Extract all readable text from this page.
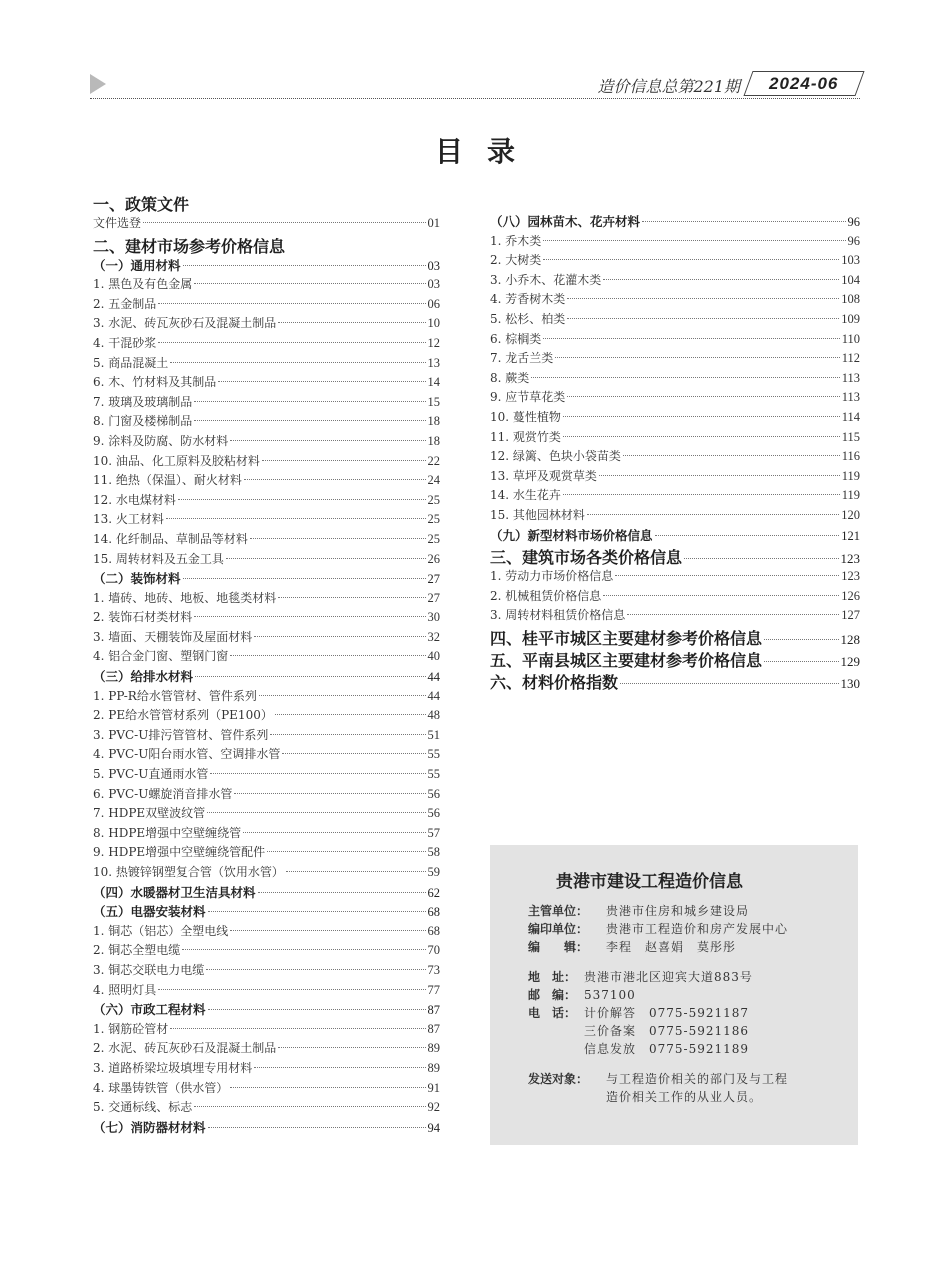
造价信息总第221期	2024-06
目录
一、政策文件
文件选登	01
二、建材市场参考价格信息
（一）通用材料	03
1. 黑色及有色金属	03
2. 五金制品	06
3. 水泥、砖瓦灰砂石及混凝土制品	10
4. 干混砂浆	12
5. 商品混凝土	13
6. 木、竹材料及其制品	14
7. 玻璃及玻璃制品	15
8. 门窗及楼梯制品	18
9. 涂料及防腐、防水材料	18
10. 油品、化工原料及胶粘材料	22
11. 绝热（保温）、耐火材料	24
12. 水电煤材料	25
13. 火工材料	25
14. 化纤制品、草制品等材料	25
15. 周转材料及五金工具	26
（二）装饰材料	27
1. 墙砖、地砖、地板、地毯类材料	27
2. 装饰石材类材料	30
3. 墙面、天棚装饰及屋面材料	32
4. 铝合金门窗、塑钢门窗	40
（三）给排水材料	44
1. PP-R给水管管材、管件系列	44
2. PE给水管管材系列（PE100）	48
3. PVC-U排污管管材、管件系列	51
4. PVC-U阳台雨水管、空调排水管	55
5. PVC-U直通雨水管	55
6. PVC-U螺旋消音排水管	56
7. HDPE双壁波纹管	56
8. HDPE增强中空壁缠绕管	57
9. HDPE增强中空壁缠绕管配件	58
10. 热镀锌钢塑复合管（饮用水管）	59
（四）水暖器材卫生洁具材料	62
（五）电器安装材料	68
1. 铜芯（铝芯）全塑电线	68
2. 铜芯全塑电缆	70
3. 铜芯交联电力电缆	73
4. 照明灯具	77
（六）市政工程材料	87
1. 钢筋砼管材	87
2. 水泥、砖瓦灰砂石及混凝土制品	89
3. 道路桥梁垃圾填埋专用材料	89
4. 球墨铸铁管（供水管）	91
5. 交通标线、标志	92
（七）消防器材材料	94
（八）园林苗木、花卉材料	96
1. 乔木类	96
2. 大树类	103
3. 小乔木、花灌木类	104
4. 芳香树木类	108
5. 松杉、柏类	109
6. 棕榈类	110
7. 龙舌兰类	112
8. 蕨类	113
9. 应节草花类	113
10. 蔓性植物	114
11. 观赏竹类	115
12. 绿篱、色块小袋苗类	116
13. 草坪及观赏草类	119
14. 水生花卉	119
15. 其他园林材料	120
（九）新型材料市场价格信息	121
三、建筑市场各类价格信息	123
1. 劳动力市场价格信息	123
2. 机械租赁价格信息	126
3. 周转材料租赁价格信息	127
四、桂平市城区主要建材参考价格信息	128
五、平南县城区主要建材参考价格信息	129
六、材料价格指数	130
贵港市建设工程造价信息
主管单位：	贵港市住房和城乡建设局
编印单位：	贵港市工程造价和房产发展中心
编　　辑：	李程　赵喜娟　莫彤彤
地　址： 贵港市港北区迎宾大道883号
邮　编： 537100
电　话： 计价解答　0775-5921187
三价备案　0775-5921186
信息发放　0775-5921189
发送对象：	与工程造价相关的部门及与工程
造价相关工作的从业人员。
